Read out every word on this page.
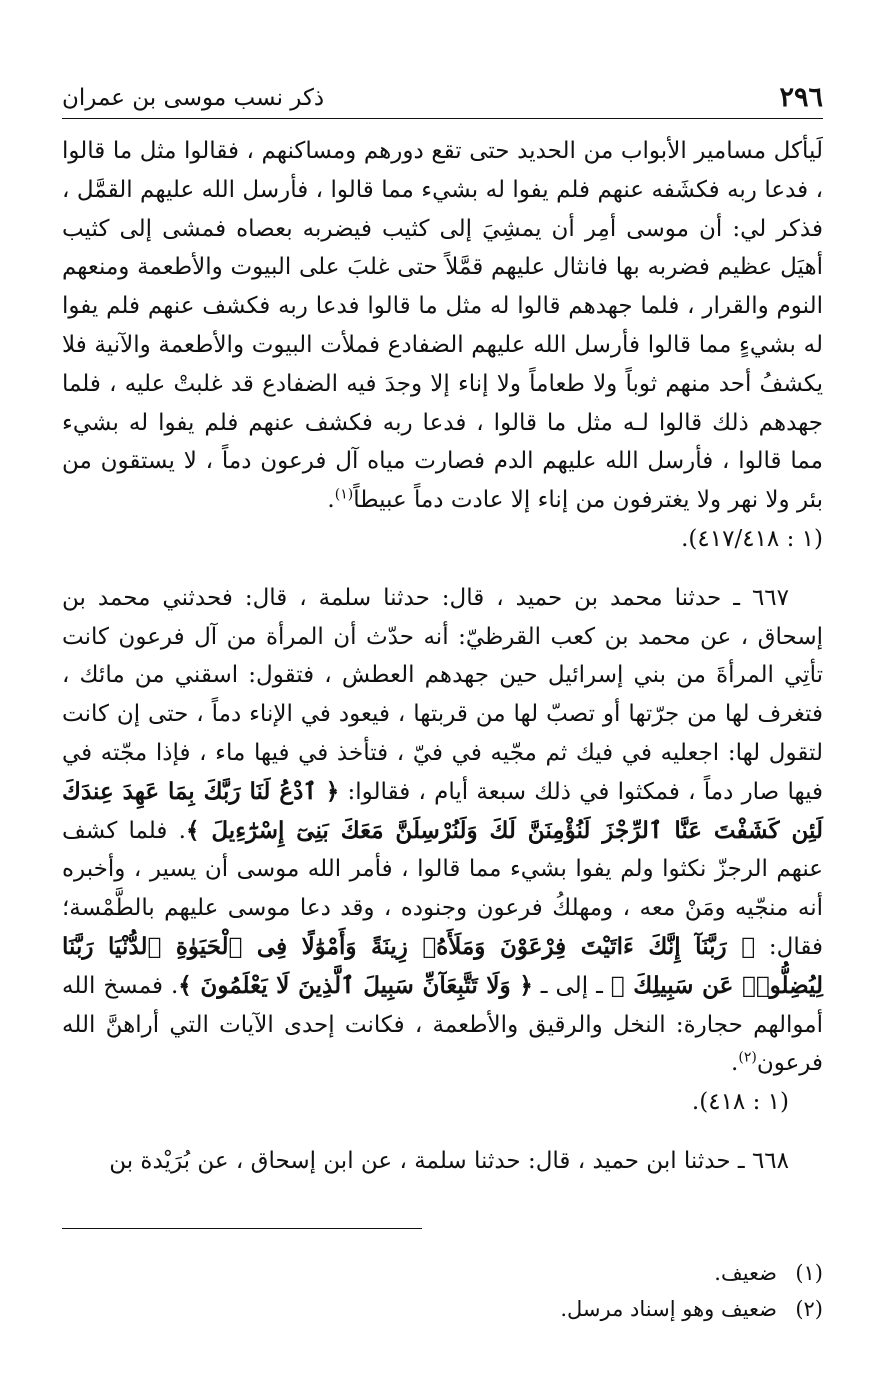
٢٩٦
ذكر نسب موسى بن عمران

لَيأكل مسامير الأبواب من الحديد حتى تقع دورهم ومساكنهم ، فقالوا مثل ما قالوا ، فدعا ربه فكشَفه عنهم فلم يفوا له بشيء مما قالوا ، فأرسل الله عليهم القمَّل ، فذكر لي: أن موسى أمِر أن يمشِيَ إلى كثيب فيضربه بعصاه فمشى إلى كثيب أهيَل عظيم فضربه بها فانثال عليهم قمَّلاً حتى غلبَ على البيوت والأطعمة ومنعهم النوم والقرار ، فلما جهدهم قالوا له مثل ما قالوا فدعا ربه فكشف عنهم فلم يفوا له بشيءٍ مما قالوا فأرسل الله عليهم الضفادع فملأت البيوت والأطعمة والآنية فلا يكشفُ أحد منهم ثوباً ولا طعاماً ولا إناء إلا وجدَ فيه الضفادع قد غلبتْ عليه ، فلما جهدهم ذلك قالوا لـه مثل ما قالوا ، فدعا ربه فكشف عنهم فلم يفوا له بشيء مما قالوا ، فأرسل الله عليهم الدم فصارت مياه آل فرعون دماً ، لا يستقون من بئر ولا نهر ولا يغترفون من إناء إلا عادت دماً عبيطاً$^{(١)}$.
(١ : ٤١٧/٤١٨).

٦٦٧ ـ حدثنا محمد بن حميد ، قال: حدثنا سلمة ، قال: فحدثني محمد بن إسحاق ، عن محمد بن كعب القرظيّ: أنه حدّث أن المرأة من آل فرعون كانت تأتِي المرأةَ من بني إسرائيل حين جهدهم العطش ، فتقول: اسقني من مائك ، فتغرف لها من جرّتها أو تصبّ لها من قربتها ، فيعود في الإناء دماً ، حتى إن كانت لتقول لها: اجعليه في فيك ثم مجّيه في فيّ ، فتأخذ في فيها ماء ، فإذا مجّته في فيها صار دماً ، فمكثوا في ذلك سبعة أيام ، فقالوا: ﴿ ٱدْعُ لَنَا رَبَّكَ بِمَا عَهِدَ عِندَكَ لَئِن كَشَفْتَ عَنَّا ٱلرِّجْزَ لَنُؤْمِنَنَّ لَكَ وَلَنُرْسِلَنَّ مَعَكَ بَنِىٓ إِسْرَٰٓءِيلَ ﴾. فلما كشف عنهم الرجزّ نكثوا ولم يفوا بشيء مما قالوا ، فأمر الله موسى أن يسير ، وأخبره أنه منجّيه ومَنْ معه ، ومهلكُ فرعون وجنوده ، وقد دعا موسى عليهم بالطَّمْسة؛ فقال: ﴿ رَبَّنَآ إِنَّكَ ءَاتَيْتَ فِرْعَوْنَ وَمَلَأَهُۥ زِينَةً وَأَمْوَٰلًا فِى ٱلْحَيَوٰةِ ٱلدُّنْيَا رَبَّنَا لِيُضِلُّوا۟ عَن سَبِيلِكَ ﴾ ـ إلى ـ ﴿ وَلَا تَتَّبِعَآنِّ سَبِيلَ ٱلَّذِينَ لَا يَعْلَمُونَ ﴾. فمسخ الله أموالهم حجارة: النخل والرقيق والأطعمة ، فكانت إحدى الآيات التي أراهنَّ الله فرعون$^{(٢)}$.
(١ : ٤١٨).

٦٦٨ ـ حدثنا ابن حميد ، قال: حدثنا سلمة ، عن ابن إسحاق ، عن بُرَيْدة بن

(١)ضعيف.

(٢)ضعيف وهو إسناد مرسل.
